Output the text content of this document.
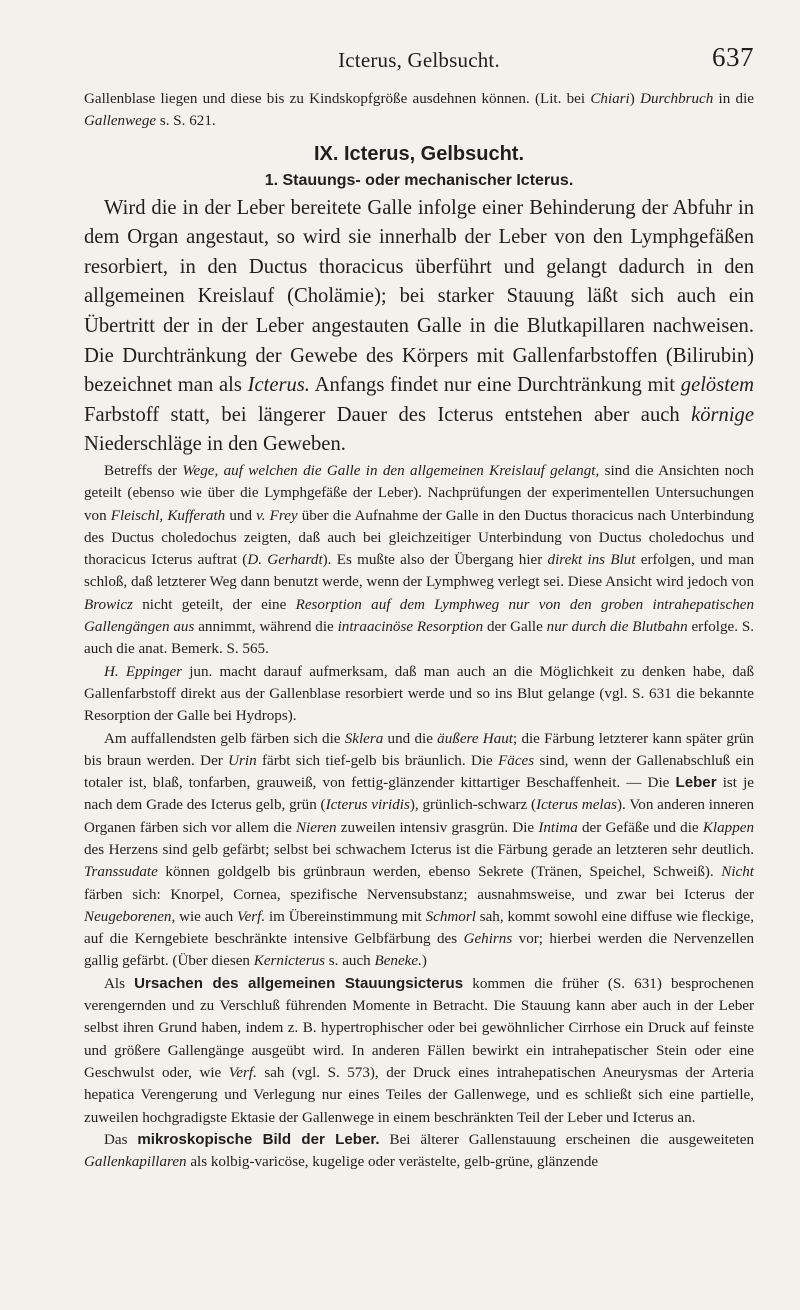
Icterus, Gelbsucht.	637

Gallenblase liegen und diese bis zu Kindskopfgröße ausdehnen können. (Lit. bei Chiari) Durchbruch in die Gallenwege s. S. 621.

IX. Icterus, Gelbsucht.
1. Stauungs- oder mechanischer Icterus.

Wird die in der Leber bereitete Galle infolge einer Behinderung der Abfuhr in dem Organ angestaut, so wird sie innerhalb der Leber von den Lymphgefäßen resorbiert, in den Ductus thoracicus überführt und gelangt dadurch in den allgemeinen Kreislauf (Cholämie); bei starker Stauung läßt sich auch ein Übertritt der in der Leber angestauten Galle in die Blutkapillaren nachweisen. Die Durchtränkung der Gewebe des Körpers mit Gallenfarbstoffen (Bilirubin) bezeichnet man als Icterus. Anfangs findet nur eine Durchtränkung mit gelöstem Farbstoff statt, bei längerer Dauer des Icterus entstehen aber auch körnige Niederschläge in den Geweben.

Betreffs der Wege, auf welchen die Galle in den allgemeinen Kreislauf gelangt, sind die Ansichten noch geteilt (ebenso wie über die Lymphgefäße der Leber). Nachprüfungen der experimentellen Untersuchungen von Fleischl, Kufferath und v. Frey über die Aufnahme der Galle in den Ductus thoracicus nach Unterbindung des Ductus choledochus zeigten, daß auch bei gleichzeitiger Unterbindung von Ductus choledochus und thoracicus Icterus auftrat (D. Gerhardt). Es mußte also der Übergang hier direkt ins Blut erfolgen, und man schloß, daß letzterer Weg dann benutzt werde, wenn der Lymphweg verlegt sei. Diese Ansicht wird jedoch von Browicz nicht geteilt, der eine Resorption auf dem Lymphweg nur von den groben intrahepatischen Gallengängen aus annimmt, während die intraacinöse Resorption der Galle nur durch die Blutbahn erfolge. S. auch die anat. Bemerk. S. 565.

H. Eppinger jun. macht darauf aufmerksam, daß man auch an die Möglichkeit zu denken habe, daß Gallenfarbstoff direkt aus der Gallenblase resorbiert werde und so ins Blut gelange (vgl. S. 631 die bekannte Resorption der Galle bei Hydrops).

Am auffallendsten gelb färben sich die Sklera und die äußere Haut; die Färbung letzterer kann später grün bis braun werden. Der Urin färbt sich tief-gelb bis bräunlich. Die Fäces sind, wenn der Gallenabschluß ein totaler ist, blaß, tonfarben, grauweiß, von fettig-glänzender kittartiger Beschaffenheit. — Die Leber ist je nach dem Grade des Icterus gelb, grün (Icterus viridis), grünlich-schwarz (Icterus melas). Von anderen inneren Organen färben sich vor allem die Nieren zuweilen intensiv grasgrün. Die Intima der Gefäße und die Klappen des Herzens sind gelb gefärbt; selbst bei schwachem Icterus ist die Färbung gerade an letzteren sehr deutlich. Transsudate können goldgelb bis grünbraun werden, ebenso Sekrete (Tränen, Speichel, Schweiß). Nicht färben sich: Knorpel, Cornea, spezifische Nervensubstanz; ausnahmsweise, und zwar bei Icterus der Neugeborenen, wie auch Verf. im Übereinstimmung mit Schmorl sah, kommt sowohl eine diffuse wie fleckige, auf die Kerngebiete beschränkte intensive Gelbfärbung des Gehirns vor; hierbei werden die Nervenzellen gallig gefärbt. (Über diesen Kernicterus s. auch Beneke.)

Als Ursachen des allgemeinen Stauungsicterus kommen die früher (S. 631) besprochenen verengernden und zu Verschluß führenden Momente in Betracht. Die Stauung kann aber auch in der Leber selbst ihren Grund haben, indem z. B. hypertrophischer oder bei gewöhnlicher Cirrhose ein Druck auf feinste und größere Gallengänge ausgeübt wird. In anderen Fällen bewirkt ein intrahepatischer Stein oder eine Geschwulst oder, wie Verf. sah (vgl. S. 573), der Druck eines intrahepatischen Aneurysmas der Arteria hepatica Verengerung und Verlegung nur eines Teiles der Gallenwege, und es schließt sich eine partielle, zuweilen hochgradigste Ektasie der Gallenwege in einem beschränkten Teil der Leber und Icterus an.

Das mikroskopische Bild der Leber. Bei älterer Gallenstauung erscheinen die ausgeweiteten Gallenkapillaren als kolbig-varicöse, kugelige oder verästelte, gelb-grüne, glänzende
